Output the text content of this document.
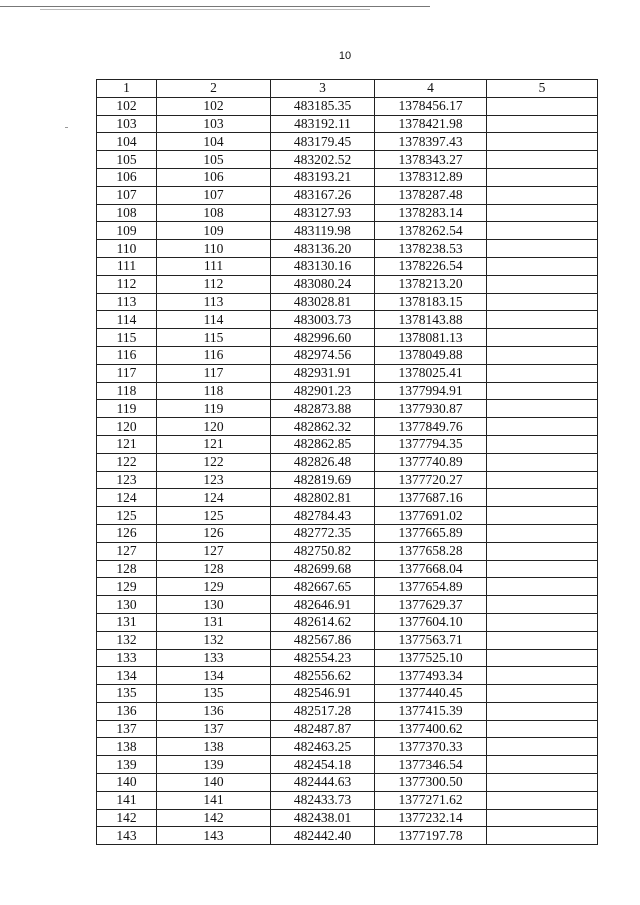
10
1	2	3	4	5
102	102	483185.35	1378456.17	
103	103	483192.11	1378421.98	
104	104	483179.45	1378397.43	
105	105	483202.52	1378343.27	
106	106	483193.21	1378312.89	
107	107	483167.26	1378287.48	
108	108	483127.93	1378283.14	
109	109	483119.98	1378262.54	
110	110	483136.20	1378238.53	
111	111	483130.16	1378226.54	
112	112	483080.24	1378213.20	
113	113	483028.81	1378183.15	
114	114	483003.73	1378143.88	
115	115	482996.60	1378081.13	
116	116	482974.56	1378049.88	
117	117	482931.91	1378025.41	
118	118	482901.23	1377994.91	
119	119	482873.88	1377930.87	
120	120	482862.32	1377849.76	
121	121	482862.85	1377794.35	
122	122	482826.48	1377740.89	
123	123	482819.69	1377720.27	
124	124	482802.81	1377687.16	
125	125	482784.43	1377691.02	
126	126	482772.35	1377665.89	
127	127	482750.82	1377658.28	
128	128	482699.68	1377668.04	
129	129	482667.65	1377654.89	
130	130	482646.91	1377629.37	
131	131	482614.62	1377604.10	
132	132	482567.86	1377563.71	
133	133	482554.23	1377525.10	
134	134	482556.62	1377493.34	
135	135	482546.91	1377440.45	
136	136	482517.28	1377415.39	
137	137	482487.87	1377400.62	
138	138	482463.25	1377370.33	
139	139	482454.18	1377346.54	
140	140	482444.63	1377300.50	
141	141	482433.73	1377271.62	
142	142	482438.01	1377232.14	
143	143	482442.40	1377197.78	
